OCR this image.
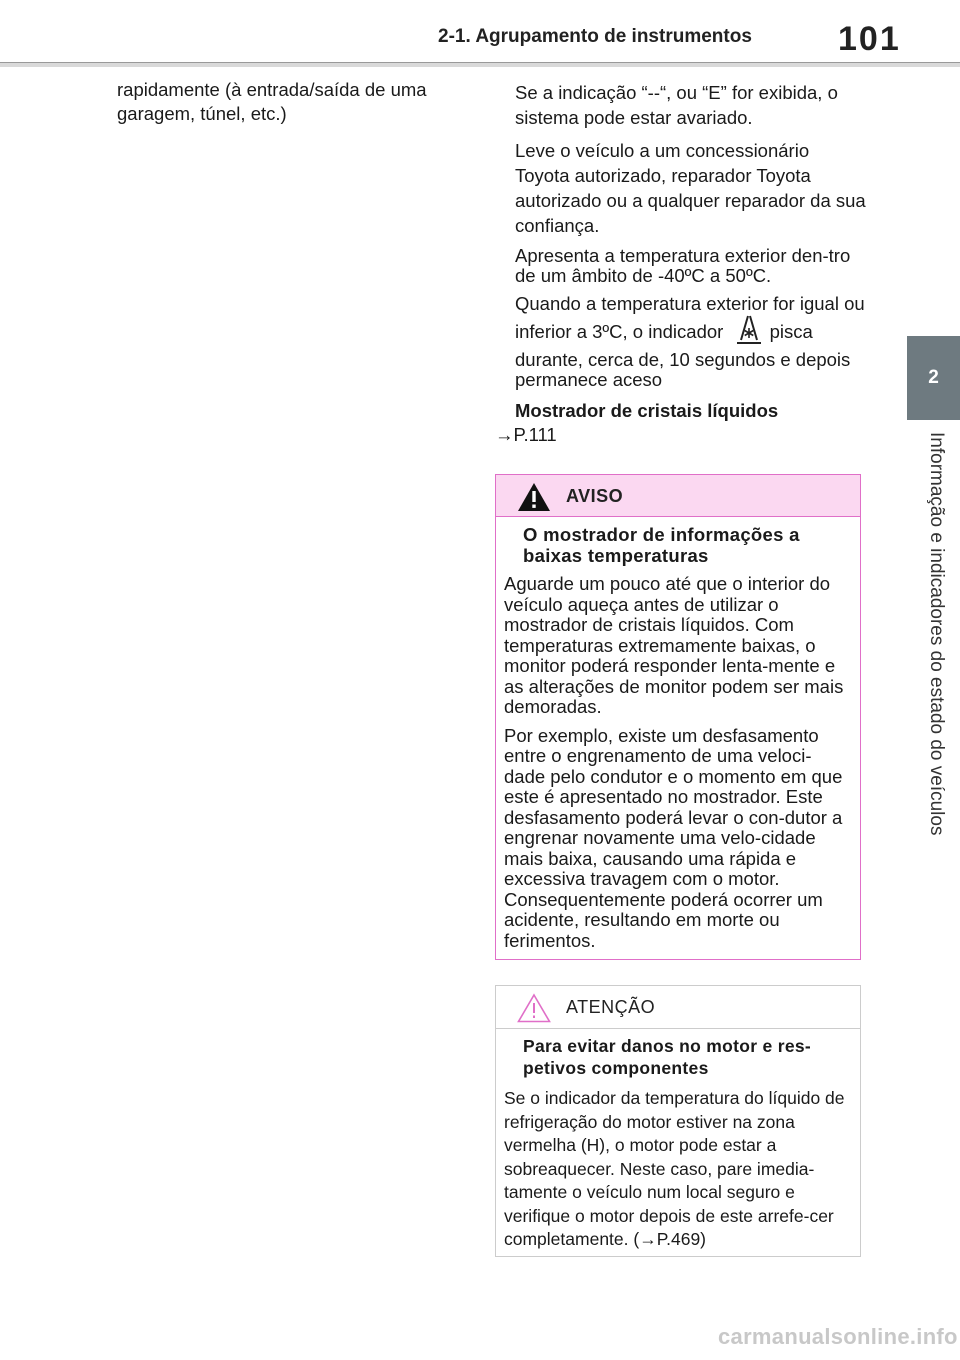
2-1. Agrupamento de instrumentos	101
2
Informação e indicadores do estado do veículos
rapidamente (à entrada/saída de uma garagem, túnel, etc.)

Se a indicação “--“, ou “E” for exibida, o sistema pode estar avariado.

Leve o veículo a um concessionário Toyota autorizado, reparador Toyota autorizado ou a qualquer reparador da sua confiança.

Apresenta a temperatura exterior den-tro de um âmbito de -40ºC a 50ºC.

Quando a temperatura exterior for igual ou inferior a 3ºC, o indicador	pisca durante, cerca de, 10 segundos e depois permanece aceso

Mostrador de cristais líquidos

→P.111
AVISO
O mostrador de informações a baixas temperaturas

Aguarde um pouco até que o interior do veículo aqueça antes de utilizar o mostrador de cristais líquidos. Com temperaturas extremamente baixas, o monitor poderá responder lenta-mente e as alterações de monitor podem ser mais demoradas.

Por exemplo, existe um desfasamento entre o engrenamento de uma veloci-dade pelo condutor e o momento em que este é apresentado no mostrador. Este desfasamento poderá levar o con-dutor a engrenar novamente uma velo-cidade mais baixa, causando uma rápida e excessiva travagem com o motor. Consequentemente poderá ocorrer um acidente, resultando em morte ou ferimentos.

ATENÇÃO
Para evitar danos no motor e res-petivos componentes

Se o indicador da temperatura do líquido de refrigeração do motor estiver na zona vermelha (H), o motor pode estar a sobreaquecer. Neste caso, pare imedia-tamente o veículo num local seguro e verifique o motor depois de este arrefe-cer completamente. (→P.469)

carmanualsonline.info
